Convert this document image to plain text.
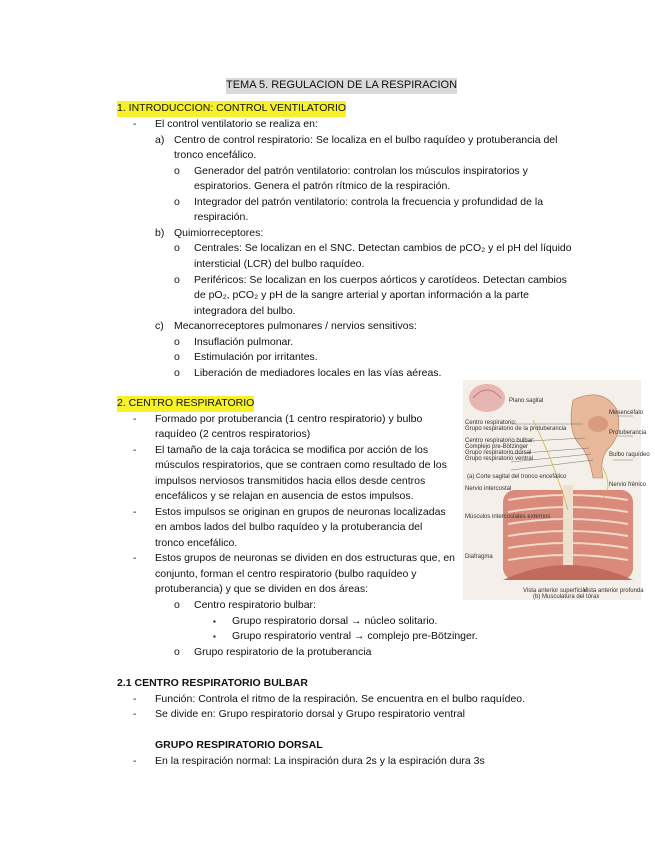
TEMA 5. REGULACION DE LA RESPIRACION
1. INTRODUCCION: CONTROL VENTILATORIO
- El control ventilatorio se realiza en:
a) Centro de control respiratorio: Se localiza en el bulbo raquídeo y protuberancia del
tronco encefálico.
o Generador del patrón ventilatorio: controlan los músculos inspiratorios y
espiratorios. Genera el patrón rítmico de la respiración.
o Integrador del patrón ventilatorio: controla la frecuencia y profundidad de la
respiración.
b) Quimiorreceptores:
o Centrales: Se localizan en el SNC. Detectan cambios de pCO₂ y el pH del líquido
intersticial (LCR) del bulbo raquídeo.
o Periféricos: Se localizan en los cuerpos aórticos y carotídeos. Detectan cambios
de pO₂, pCO₂ y pH de la sangre arterial y aportan información a la parte
integradora del bulbo.
c) Mecanorreceptores pulmonares / nervios sensitivos:
o Insuflación pulmonar.
o Estimulación por irritantes.
o Liberación de mediadores locales en las vías aéreas.
2. CENTRO RESPIRATORIO
- Formado por protuberancia (1 centro respiratorio) y bulbo
raquídeo (2 centros respiratorios)
- El tamaño de la caja torácica se modifica por acción de los
músculos respiratorios, que se contraen como resultado de los
impulsos nerviosos transmitidos hacia ellos desde centros
encefálicos y se relajan en ausencia de estos impulsos.
- Estos impulsos se originan en grupos de neuronas localizadas
en ambos lados del bulbo raquídeo y la protuberancia del
tronco encefálico.
- Estos grupos de neuronas se dividen en dos estructuras que, en
conjunto, forman el centro respiratorio (bulbo raquídeo y
protuberancia) y que se dividen en dos áreas:
o Centro respiratorio bulbar:
▪ Grupo respiratorio dorsal → núcleo solitario.
▪ Grupo respiratorio ventral → complejo pre-Bötzinger.
o Grupo respiratorio de la protuberancia
2.1 CENTRO RESPIRATORIO BULBAR
- Función: Controla el ritmo de la respiración. Se encuentra en el bulbo raquídeo.
- Se divide en: Grupo respiratorio dorsal y Grupo respiratorio ventral
GRUPO RESPIRATORIO DORSAL
- En la respiración normal: La inspiración dura 2s y la espiración dura 3s
Plano sagital
Centro respiratorio:
Grupo respiratorio de la protuberancia
Centro respiratorio bulbar:
Complejo pre-Bötzinger
Grupo respiratorio dorsal
Grupo respiratorio ventral
Mesencéfalo
Protuberancia
Bulbo raquídeo
Nervio frénico
Nervio intercostal
Músculos intercostales externos
Diafragma
(a) Corte sagital del tronco encefálico
(b) Musculatura del tórax
Vista anterior profunda
Vista anterior superficial
